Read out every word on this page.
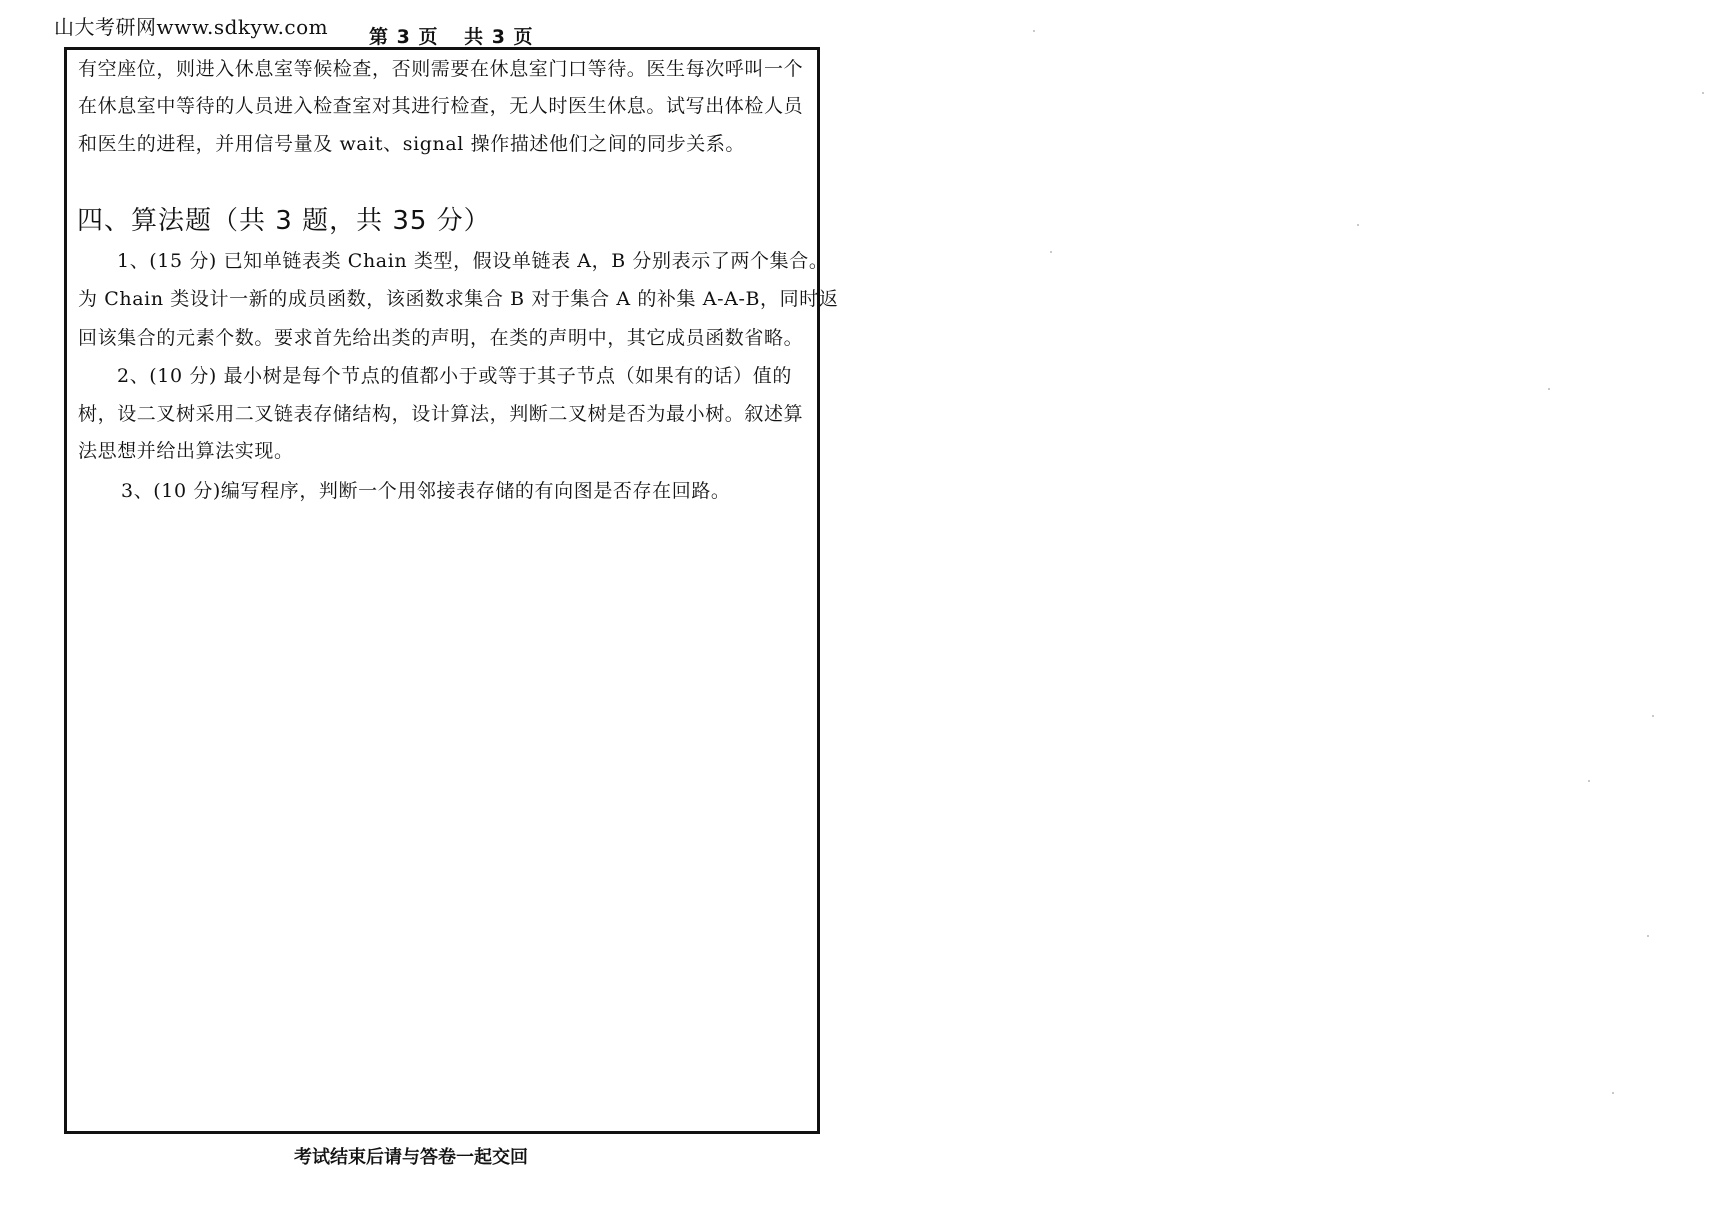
山大考研网www.sdkyw.com 第 3 页 共 3 页
有空座位，则进入休息室等候检查，否则需要在休息室门口等待。医生每次呼叫一个
在休息室中等待的人员进入检查室对其进行检查，无人时医生休息。试写出体检人员
和医生的进程，并用信号量及 wait、signal 操作描述他们之间的同步关系。
四、算法题（共 3 题，共 35 分）
1、(15 分) 已知单链表类 Chain 类型，假设单链表 A，B 分别表示了两个集合。
为 Chain 类设计一新的成员函数，该函数求集合 B 对于集合 A 的补集 A-A-B，同时返
回该集合的元素个数。要求首先给出类的声明，在类的声明中，其它成员函数省略。
2、(10 分) 最小树是每个节点的值都小于或等于其子节点（如果有的话）值的
树，设二叉树采用二叉链表存储结构，设计算法，判断二叉树是否为最小树。叙述算
法思想并给出算法实现。
3、(10 分)编写程序，判断一个用邻接表存储的有向图是否存在回路。
考试结束后请与答卷一起交回
